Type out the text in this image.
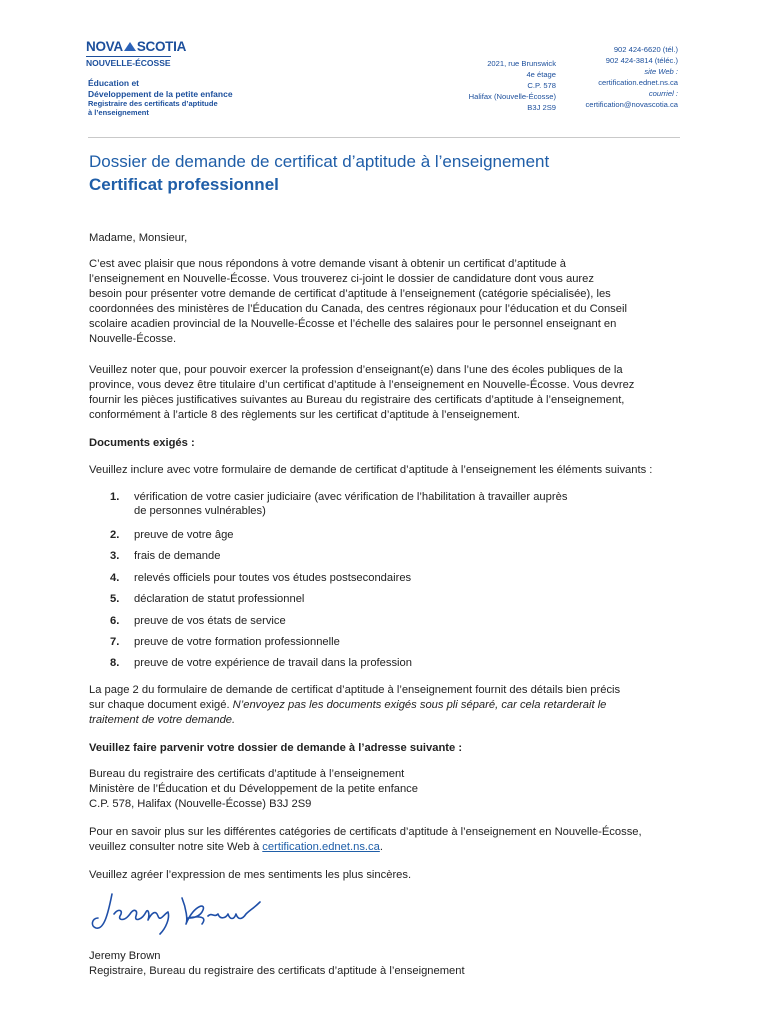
NOVA SCOTIA
NOUVELLE-ÉCOSSE
Éducation et
Développement de la petite enfance
Registraire des certificats d’aptitude
à l’enseignement
2021, rue Brunswick
4e étage
C.P. 578
Halifax (Nouvelle-Écosse)
B3J 2S9
902 424-6620 (tél.)
902 424-3814 (téléc.)
site Web :
certification.ednet.ns.ca
courriel :
certification@novascotia.ca
Dossier de demande de certificat d’aptitude à l’enseignement
Certificat professionnel
Madame, Monsieur,
C’est avec plaisir que nous répondons à votre demande visant à obtenir un certificat d’aptitude à
l’enseignement en Nouvelle-Écosse. Vous trouverez ci-joint le dossier de candidature dont vous aurez
besoin pour présenter votre demande de certificat d’aptitude à l’enseignement (catégorie spécialisée), les
coordonnées des ministères de l’Éducation du Canada, des centres régionaux pour l’éducation et du Conseil
scolaire acadien provincial de la Nouvelle-Écosse et l’échelle des salaires pour le personnel enseignant en
Nouvelle-Écosse.
Veuillez noter que, pour pouvoir exercer la profession d’enseignant(e) dans l’une des écoles publiques de la
province, vous devez être titulaire d’un certificat d’aptitude à l’enseignement en Nouvelle-Écosse. Vous devrez
fournir les pièces justificatives suivantes au Bureau du registraire des certificats d’aptitude à l’enseignement,
conformément à l’article 8 des règlements sur les certificat d’aptitude à l’enseignement.
Documents exigés :
Veuillez inclure avec votre formulaire de demande de certificat d’aptitude à l’enseignement les éléments suivants :
1.	vérification de votre casier judiciaire (avec vérification de l’habilitation à travailler auprès
de personnes vulnérables)
2.	preuve de votre âge
3.	frais de demande
4.	relevés officiels pour toutes vos études postsecondaires
5.	déclaration de statut professionnel
6.	preuve de vos états de service
7.	preuve de votre formation professionnelle
8.	preuve de votre expérience de travail dans la profession
La page 2 du formulaire de demande de certificat d’aptitude à l’enseignement fournit des détails bien précis
sur chaque document exigé. N’envoyez pas les documents exigés sous pli séparé, car cela retarderait le
traitement de votre demande.
Veuillez faire parvenir votre dossier de demande à l’adresse suivante :
Bureau du registraire des certificats d’aptitude à l’enseignement
Ministère de l’Éducation et du Développement de la petite enfance
C.P. 578, Halifax (Nouvelle-Écosse) B3J 2S9
Pour en savoir plus sur les différentes catégories de certificats d’aptitude à l’enseignement en Nouvelle-Écosse,
veuillez consulter notre site Web à certification.ednet.ns.ca.
Veuillez agréer l’expression de mes sentiments les plus sincères.
Jeremy Brown
Registraire, Bureau du registraire des certificats d’aptitude à l’enseignement
